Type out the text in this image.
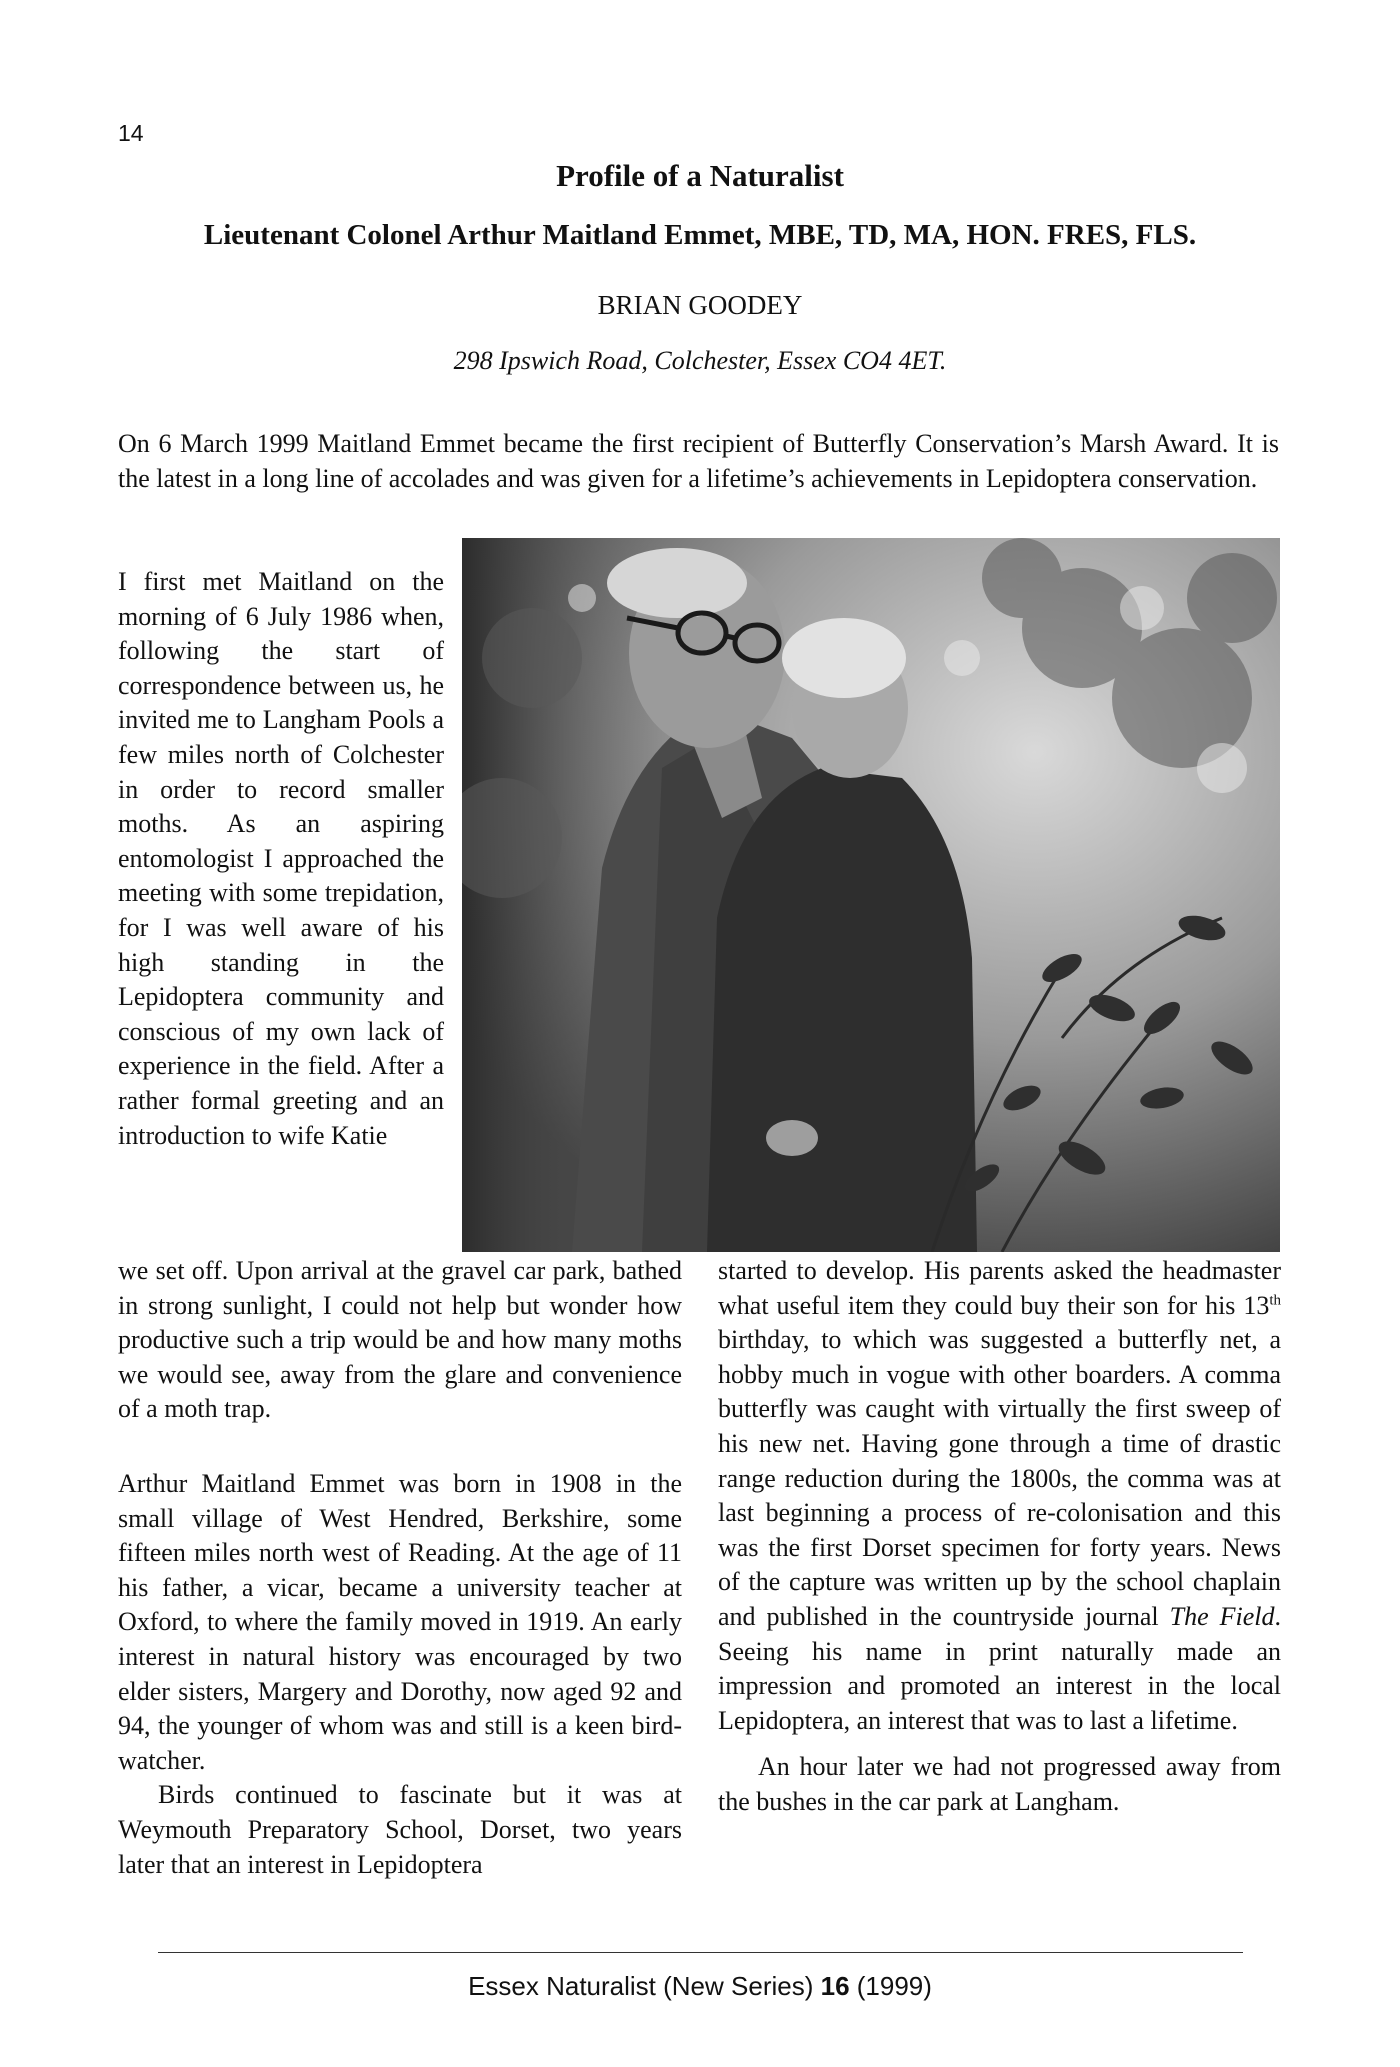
14
Profile of a Naturalist
Lieutenant Colonel Arthur Maitland Emmet, MBE, TD, MA, HON. FRES, FLS.
BRIAN GOODEY
298 Ipswich Road, Colchester, Essex CO4 4ET.

On 6 March 1999 Maitland Emmet became the first recipient of Butterfly Conservation’s Marsh Award. It is the latest in a long line of accolades and was given for a lifetime’s achievements in Lepidoptera conservation.

I first met Maitland on the morning of 6 July 1986 when, following the start of correspondence between us, he invited me to Langham Pools a few miles north of Colchester in order to record smaller moths. As an aspiring entomologist I approached the meeting with some trepidation, for I was well aware of his high standing in the Lepidoptera community and conscious of my own lack of experience in the field. After a rather formal greeting and an introduction to wife Katie

we set off. Upon arrival at the gravel car park, bathed in strong sunlight, I could not help but wonder how productive such a trip would be and how many moths we would see, away from the glare and convenience of a moth trap.

Arthur Maitland Emmet was born in 1908 in the small village of West Hendred, Berkshire, some fifteen miles north west of Reading. At the age of 11 his father, a vicar, became a university teacher at Oxford, to where the family moved in 1919. An early interest in natural history was encouraged by two elder sisters, Margery and Dorothy, now aged 92 and 94, the younger of whom was and still is a keen bird-watcher.

Birds continued to fascinate but it was at Weymouth Preparatory School, Dorset, two years later that an interest in Lepidoptera

started to develop. His parents asked the headmaster what useful item they could buy their son for his 13th birthday, to which was suggested a butterfly net, a hobby much in vogue with other boarders. A comma butterfly was caught with virtually the first sweep of his new net. Having gone through a time of drastic range reduction during the 1800s, the comma was at last beginning a process of re-colonisation and this was the first Dorset specimen for forty years. News of the capture was written up by the school chaplain and published in the countryside journal The Field. Seeing his name in print naturally made an impression and promoted an interest in the local Lepidoptera, an interest that was to last a lifetime.

An hour later we had not progressed away from the bushes in the car park at Langham.

Essex Naturalist (New Series) 16 (1999)
